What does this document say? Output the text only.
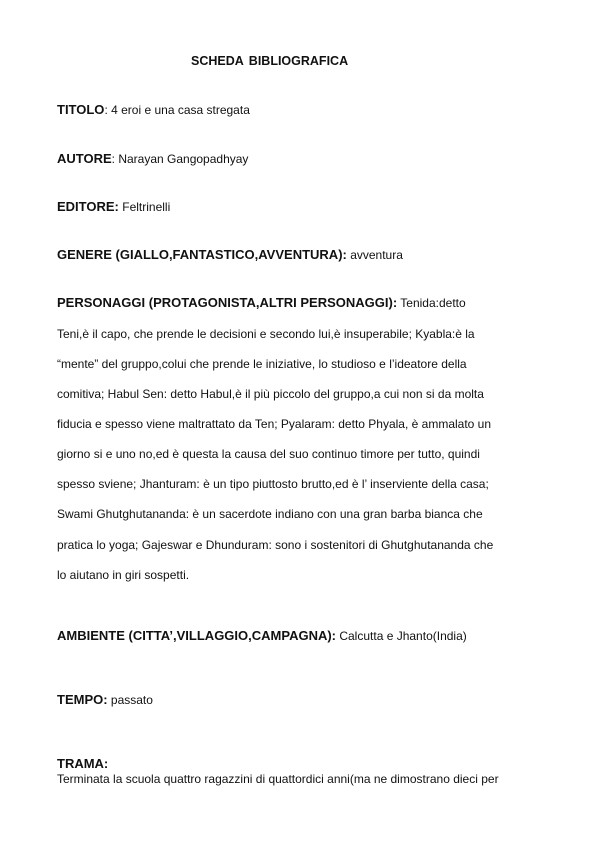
SCHEDA BIBLIOGRAFICA
TITOLO: 4 eroi e una casa stregata
AUTORE: Narayan Gangopadhyay
EDITORE: Feltrinelli
GENERE (GIALLO,FANTASTICO,AVVENTURA): avventura
PERSONAGGI (PROTAGONISTA,ALTRI PERSONAGGI): Tenida:detto
Teni,è il capo, che prende le decisioni e secondo lui,è insuperabile; Kyabla:è la
“mente” del gruppo,colui che prende le iniziative, lo studioso e l’ideatore della
comitiva; Habul Sen: detto Habul,è il più piccolo del gruppo,a cui non si da molta
fiducia e spesso viene maltrattato da Ten; Pyalaram: detto Phyala, è ammalato un
giorno si e uno no,ed è questa la causa del suo continuo timore per tutto, quindi
spesso sviene; Jhanturam: è un tipo piuttosto brutto,ed è l’ inserviente della casa;
Swami Ghutghutananda: è un sacerdote indiano con una gran barba bianca che
pratica lo yoga; Gajeswar e Dhunduram: sono i sostenitori di Ghutghutananda che
lo aiutano in giri sospetti.
AMBIENTE (CITTA’,VILLAGGIO,CAMPAGNA): Calcutta e Jhanto(India)
TEMPO: passato
TRAMA:
Terminata la scuola quattro ragazzini di quattordici anni(ma ne dimostrano dieci per
